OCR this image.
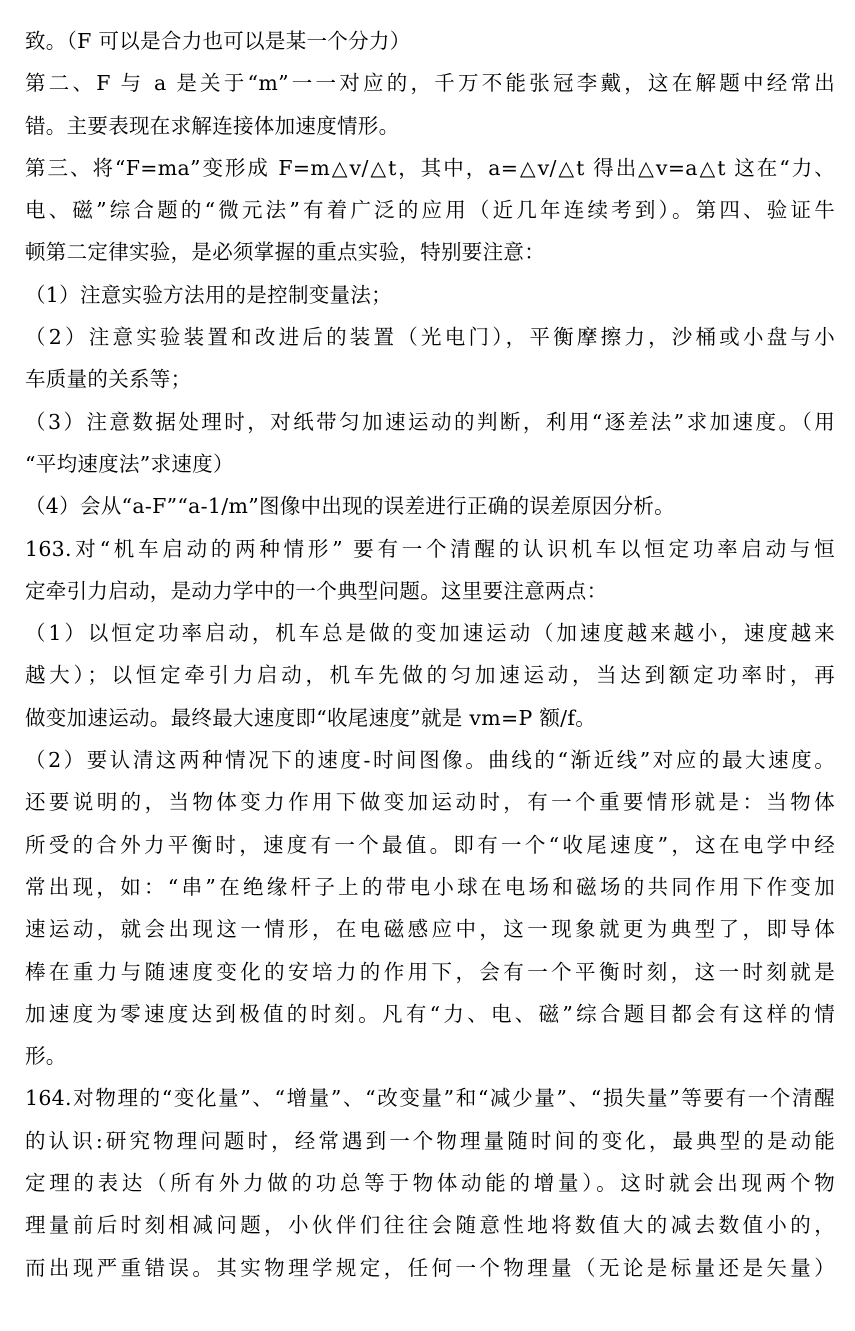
致。（F 可以是合力也可以是某一个分力）
第二、F 与 a 是关于“m”一一对应的，千万不能张冠李戴，这在解题中经常出
错。主要表现在求解连接体加速度情形。
第三、将“F=ma”变形成 F=m△v/△t，其中，a=△v/△t 得出△v=a△t 这在“力、
电、磁”综合题的“微元法”有着广泛的应用（近几年连续考到）。第四、验证牛
顿第二定律实验，是必须掌握的重点实验，特别要注意：
（1）注意实验方法用的是控制变量法；
（2）注意实验装置和改进后的装置（光电门），平衡摩擦力，沙桶或小盘与小
车质量的关系等；
（3）注意数据处理时，对纸带匀加速运动的判断，利用“逐差法”求加速度。（用
“平均速度法”求速度）
（4）会从“a-F”“a-1/m”图像中出现的误差进行正确的误差原因分析。
163.对“机车启动的两种情形” 要有一个清醒的认识机车以恒定功率启动与恒
定牵引力启动，是动力学中的一个典型问题。这里要注意两点：
（1）以恒定功率启动，机车总是做的变加速运动（加速度越来越小，速度越来
越大）；以恒定牵引力启动，机车先做的匀加速运动，当达到额定功率时，再
做变加速运动。最终最大速度即“收尾速度”就是 vm=P 额/f。
（2）要认清这两种情况下的速度-时间图像。曲线的“渐近线”对应的最大速度。
还要说明的，当物体变力作用下做变加运动时，有一个重要情形就是：当物体
所受的合外力平衡时，速度有一个最值。即有一个“收尾速度”，这在电学中经
常出现，如：“串”在绝缘杆子上的带电小球在电场和磁场的共同作用下作变加
速运动，就会出现这一情形，在电磁感应中，这一现象就更为典型了，即导体
棒在重力与随速度变化的安培力的作用下，会有一个平衡时刻，这一时刻就是
加速度为零速度达到极值的时刻。凡有“力、电、磁”综合题目都会有这样的情
形。
164.对物理的“变化量”、“增量”、“改变量”和“减少量”、“损失量”等要有一个清醒
的认识:研究物理问题时，经常遇到一个物理量随时间的变化，最典型的是动能
定理的表达（所有外力做的功总等于物体动能的增量）。这时就会出现两个物
理量前后时刻相减问题，小伙伴们往往会随意性地将数值大的减去数值小的，
而出现严重错误。其实物理学规定，任何一个物理量（无论是标量还是矢量）
